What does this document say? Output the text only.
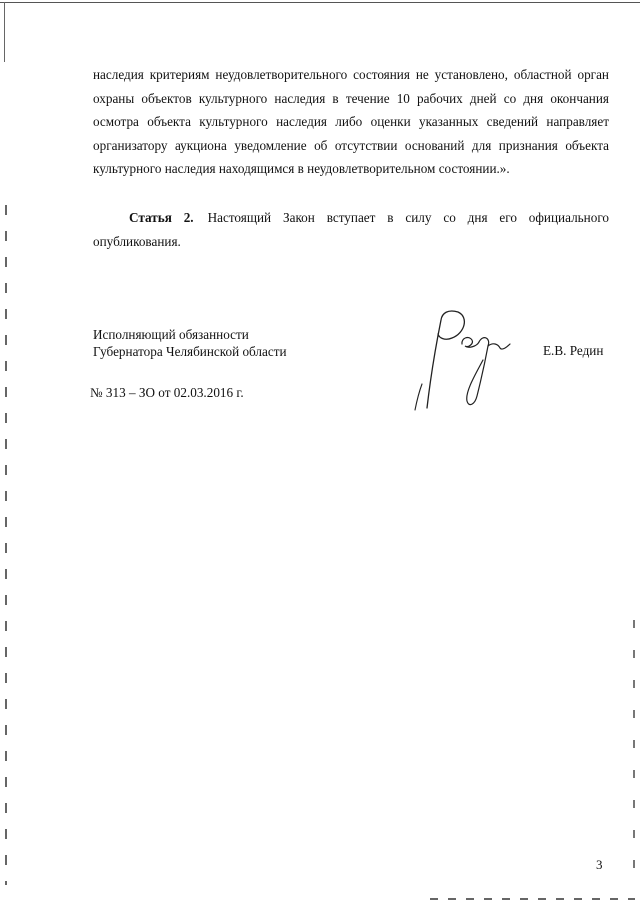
наследия критериям неудовлетворительного состояния не установлено, областной орган охраны объектов культурного наследия в течение 10 рабочих дней со дня окончания осмотра объекта культурного наследия либо оценки указанных сведений направляет организатору аукциона уведомление об отсутствии оснований для признания объекта культурного наследия находящимся в неудовлетворительном состоянии.».

Статья 2. Настоящий Закон вступает в силу со дня его официального опубликования.

Исполняющий обязанности
Губернатора Челябинской области	Е.В. Редин

№ 313 – ЗО от 02.03.2016 г.

3
